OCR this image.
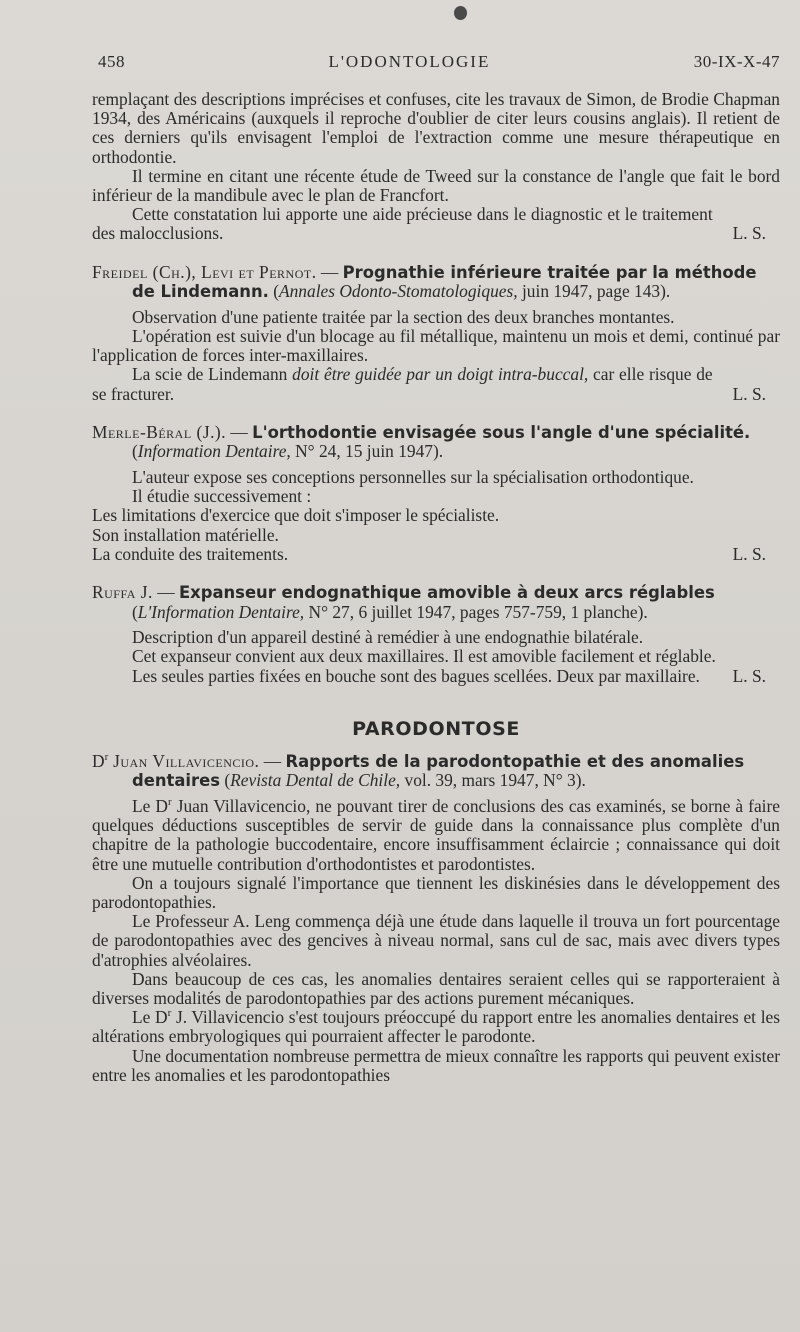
458	L'ODONTOLOGIE	30-IX-X-47

remplaçant des descriptions imprécises et confuses, cite les travaux de Simon, de Brodie Chapman 1934, des Américains (auxquels il reproche d'oublier de citer leurs cousins anglais). Il retient de ces derniers qu'ils envisagent l'emploi de l'extraction comme une mesure thérapeutique en orthodontie.

Il termine en citant une récente étude de Tweed sur la constance de l'angle que fait le bord inférieur de la mandibule avec le plan de Francfort.

Cette constatation lui apporte une aide précieuse dans le diagnostic et le traitement des malocclusions.	L. S.
Freidel (Ch.), Levi et Pernot. — Prognathie inférieure traitée par la méthode de Lindemann. (Annales Odonto-Stomatologiques, juin 1947, page 143).

Observation d'une patiente traitée par la section des deux branches montantes.

L'opération est suivie d'un blocage au fil métallique, maintenu un mois et demi, continué par l'application de forces inter-maxillaires.

La scie de Lindemann doit être guidée par un doigt intra-buccal, car elle risque de se fracturer.	L. S.
Merle-Béral (J.). — L'orthodontie envisagée sous l'angle d'une spécialité. (Information Dentaire, N° 24, 15 juin 1947).

L'auteur expose ses conceptions personnelles sur la spécialisation orthodontique.

Il étudie successivement :

Les limitations d'exercice que doit s'imposer le spécialiste.

Son installation matérielle.

La conduite des traitements.	L. S.
Ruffa J. — Expanseur endognathique amovible à deux arcs réglables (L'Information Dentaire, N° 27, 6 juillet 1947, pages 757-759, 1 planche).

Description d'un appareil destiné à remédier à une endognathie bilatérale.

Cet expanseur convient aux deux maxillaires. Il est amovible facilement et réglable.

Les seules parties fixées en bouche sont des bagues scellées. Deux par maxillaire.	L. S.
PARODONTOSE
$D^r$ Juan Villavicencio. — Rapports de la parodontopathie et des anomalies dentaires (Revista Dental de Chile, vol. 39, mars 1947, N° 3).

Le $D^r$ Juan Villavicencio, ne pouvant tirer de conclusions des cas examinés, se borne à faire quelques déductions susceptibles de servir de guide dans la connaissance plus complète d'un chapitre de la pathologie buccodentaire, encore insuffisamment éclaircie ; connaissance qui doit être une mutuelle contribution d'orthodontistes et parodontistes.

On a toujours signalé l'importance que tiennent les diskinésies dans le développement des parodontopathies.

Le Professeur A. Leng commença déjà une étude dans laquelle il trouva un fort pourcentage de parodontopathies avec des gencives à niveau normal, sans cul de sac, mais avec divers types d'atrophies alvéolaires.

Dans beaucoup de ces cas, les anomalies dentaires seraient celles qui se rapporteraient à diverses modalités de parodontopathies par des actions purement mécaniques.

Le $D^r$ J. Villavicencio s'est toujours préoccupé du rapport entre les anomalies dentaires et les altérations embryologiques qui pourraient affecter le parodonte.

Une documentation nombreuse permettra de mieux connaître les rapports qui peuvent exister entre les anomalies et les parodontopathies
